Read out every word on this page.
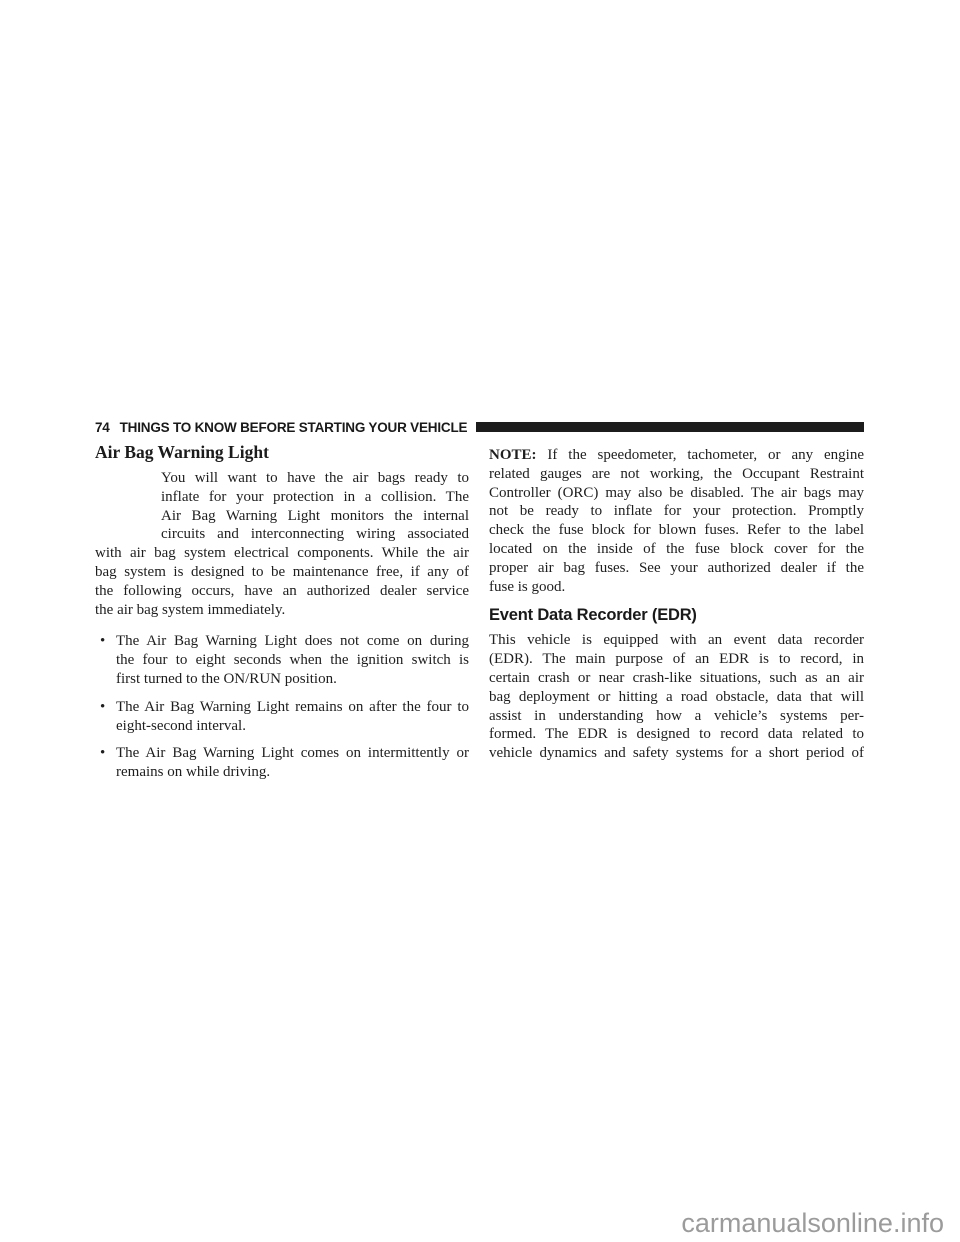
74 THINGS TO KNOW BEFORE STARTING YOUR VEHICLE
Air Bag Warning Light
You will want to have the air bags ready to
inflate for your protection in a collision. The
Air Bag Warning Light monitors the internal
circuits and interconnecting wiring associated
with air bag system electrical components. While the air
bag system is designed to be maintenance free, if any of
the following occurs, have an authorized dealer service
the air bag system immediately.
• The Air Bag Warning Light does not come on during
the four to eight seconds when the ignition switch is
first turned to the ON/RUN position.
• The Air Bag Warning Light remains on after the four to
eight-second interval.
• The Air Bag Warning Light comes on intermittently or
remains on while driving.
NOTE: If the speedometer, tachometer, or any engine
related gauges are not working, the Occupant Restraint
Controller (ORC) may also be disabled. The air bags may
not be ready to inflate for your protection. Promptly
check the fuse block for blown fuses. Refer to the label
located on the inside of the fuse block cover for the
proper air bag fuses. See your authorized dealer if the
fuse is good.
Event Data Recorder (EDR)
This vehicle is equipped with an event data recorder
(EDR). The main purpose of an EDR is to record, in
certain crash or near crash-like situations, such as an air
bag deployment or hitting a road obstacle, data that will
assist in understanding how a vehicle’s systems per-
formed. The EDR is designed to record data related to
vehicle dynamics and safety systems for a short period of
carmanualsonline.info
